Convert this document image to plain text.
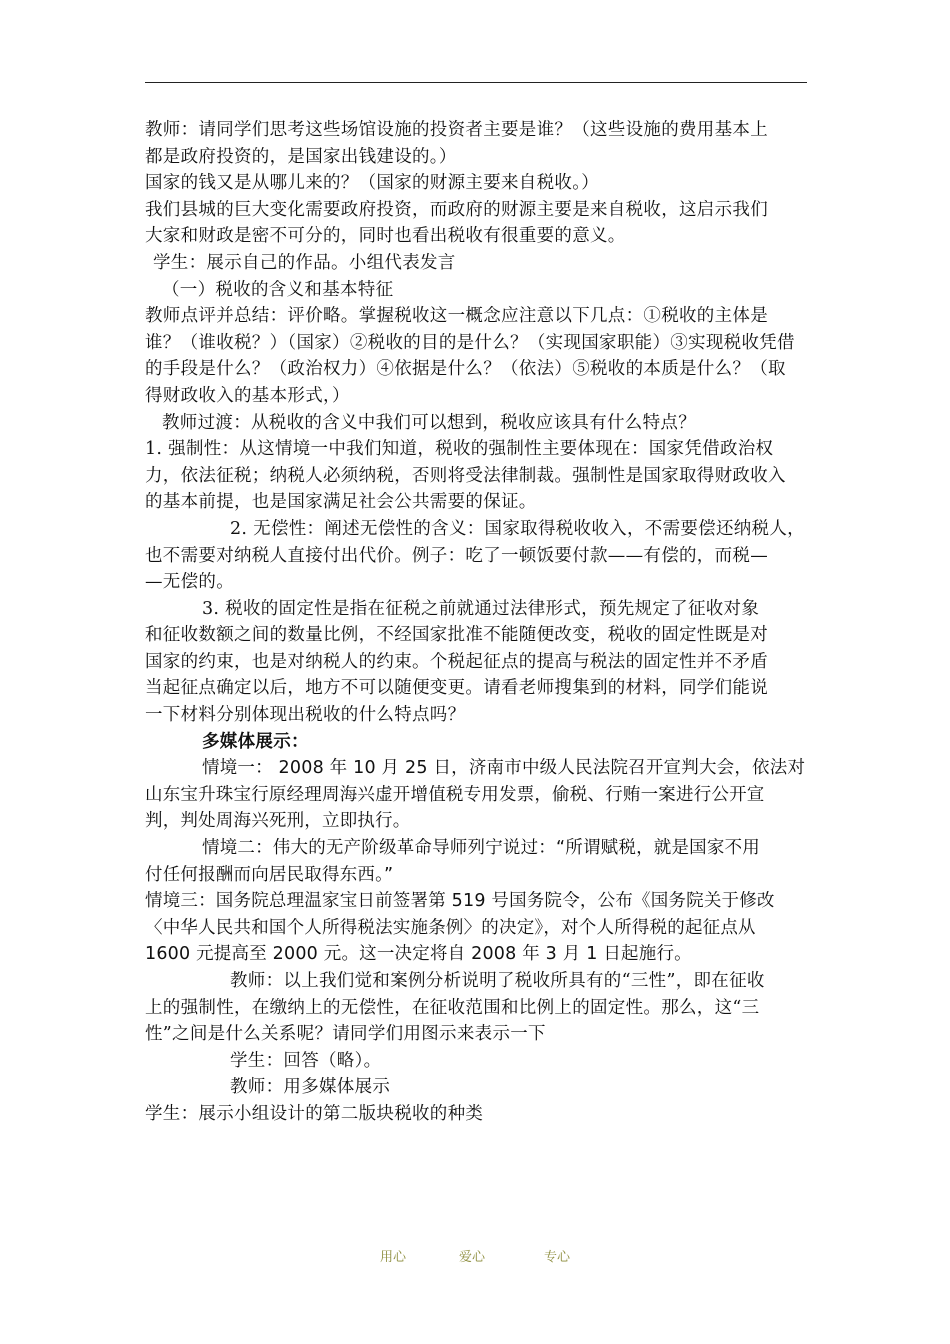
教师：请同学们思考这些场馆设施的投资者主要是谁？（这些设施的费用基本上
都是政府投资的，是国家出钱建设的。）
国家的钱又是从哪儿来的？（国家的财源主要来自税收。）
我们县城的巨大变化需要政府投资，而政府的财源主要是来自税收，这启示我们
大家和财政是密不可分的，同时也看出税收有很重要的意义。
学生：展示自己的作品。小组代表发言
（一）税收的含义和基本特征
教师点评并总结：评价略。掌握税收这一概念应注意以下几点：①税收的主体是
谁？（谁收税？）（国家）②税收的目的是什么？（实现国家职能）③实现税收凭借
的手段是什么？（政治权力）④依据是什么？（依法）⑤税收的本质是什么？（取
得财政收入的基本形式，）
教师过渡：从税收的含义中我们可以想到，税收应该具有什么特点？
1. 强制性：从这情境一中我们知道，税收的强制性主要体现在：国家凭借政治权
力，依法征税；纳税人必须纳税，否则将受法律制裁。强制性是国家取得财政收入
的基本前提，也是国家满足社会公共需要的保证。
2. 无偿性：阐述无偿性的含义：国家取得税收收入，不需要偿还纳税人，
也不需要对纳税人直接付出代价。例子：吃了一顿饭要付款——有偿的，而税—
—无偿的。
3. 税收的固定性是指在征税之前就通过法律形式，预先规定了征收对象
和征收数额之间的数量比例，不经国家批准不能随便改变，税收的固定性既是对
国家的约束，也是对纳税人的约束。个税起征点的提高与税法的固定性并不矛盾
当起征点确定以后，地方不可以随便变更。请看老师搜集到的材料，同学们能说
一下材料分别体现出税收的什么特点吗？
多媒体展示：
情境一： 2008 年 10 月 25 日，济南市中级人民法院召开宣判大会，依法对
山东宝升珠宝行原经理周海兴虚开增值税专用发票，偷税、行贿一案进行公开宣
判，判处周海兴死刑，立即执行。
情境二：伟大的无产阶级革命导师列宁说过：“所谓赋税，就是国家不用
付任何报酬而向居民取得东西。”
情境三：国务院总理温家宝日前签署第 519 号国务院令，公布《国务院关于修改
〈中华人民共和国个人所得税法实施条例〉的决定》，对个人所得税的起征点从
1600 元提高至 2000 元。这一决定将自 2008 年 3 月 1 日起施行。
教师：以上我们觉和案例分析说明了税收所具有的“三性”，即在征收
上的强制性，在缴纳上的无偿性，在征收范围和比例上的固定性。那么，这“三
性”之间是什么关系呢？请同学们用图示来表示一下
学生：回答（略）。
教师：用多媒体展示
学生：展示小组设计的第二版块税收的种类
用心	爱心	专心
